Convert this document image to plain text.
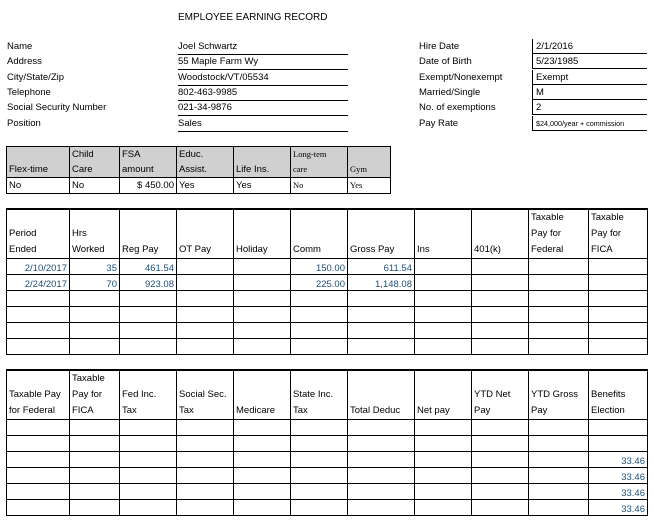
EMPLOYEE EARNING RECORD
Name	Joel Schwartz
Address	55 Maple Farm Wy
City/State/Zip	Woodstock/VT/05534
Telephone	802-463-9985
Social Security Number	021-34-9876
Position	Sales
Hire Date	2/1/2016
Date of Birth	5/23/1985
Exempt/Nonexempt	Exempt
Married/Single	M
No. of exemptions	2
Pay Rate	$24,000/year + commission
	Child	FSA	Educ.		Long-tem	
Flex-time	Care	amount	Assist.	Life Ins.	care	Gym
No	No	$ 450.00	Yes	Yes	No	Yes
									Taxable	Taxable
Period	Hrs								Pay for	Pay for
Ended	Worked	Reg Pay	OT Pay	Holiday	Comm	Gross Pay	Ins	401(k)	Federal	FICA
2/10/2017	35	461.54			150.00	611.54				
2/24/2017	70	923.08			225.00	1,148.08				

	Taxable									
Taxable Pay	Pay for	Fed Inc.	Social Sec.		State Inc.			YTD Net	YTD Gross	Benefits
for Federal	FICA	Tax	Tax	Medicare	Tax	Total Deduc	Net pay	Pay	Pay	Election

										33.46
										33.46
										33.46
										33.46
